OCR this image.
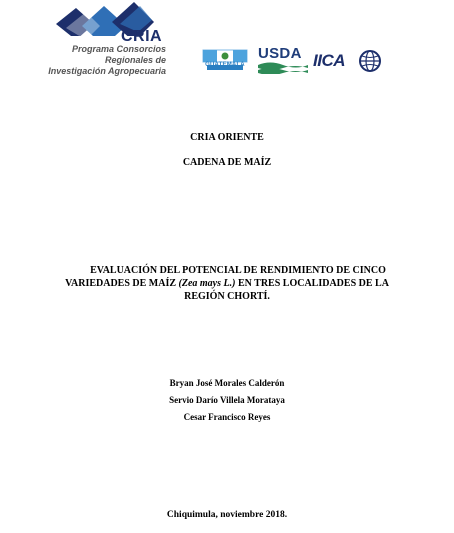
CRIA
Programa Consorcios
Regionales de
Investigación Agropecuaria
GUATEMALA
USDA IICA
CRIA ORIENTE
CADENA DE MAÍZ
EVALUACIÓN DEL POTENCIAL DE RENDIMIENTO DE CINCO
VARIEDADES DE MAÍZ (Zea mays L.) EN TRES LOCALIDADES DE LA
REGIÓN CHORTÍ.
Bryan José Morales Calderón
Servio Darío Villela Morataya
Cesar Francisco Reyes
Chiquimula, noviembre 2018.
